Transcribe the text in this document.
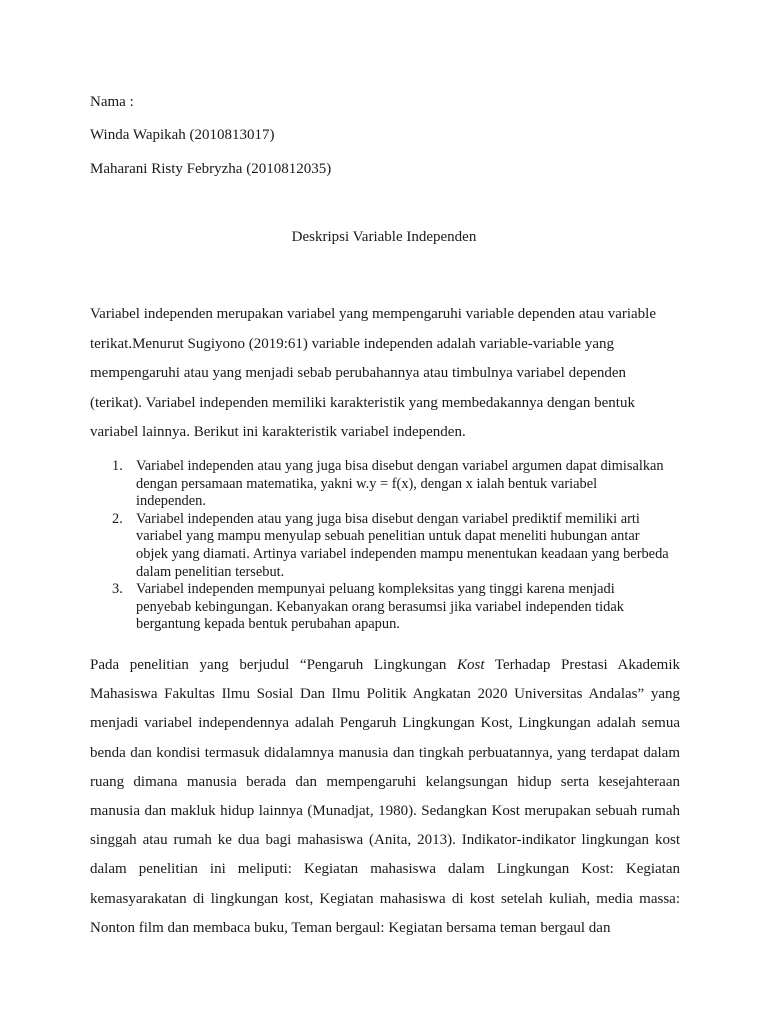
Nama :

Winda Wapikah (2010813017)

Maharani Risty Febryzha (2010812035)

Deskripsi Variable Independen

Variabel independen merupakan variabel yang mempengaruhi variable dependen atau variable terikat.Menurut Sugiyono (2019:61) variable independen adalah variable-variable yang mempengaruhi atau yang menjadi sebab perubahannya atau timbulnya variabel dependen (terikat). Variabel independen memiliki karakteristik yang membedakannya dengan bentuk variabel lainnya. Berikut ini karakteristik variabel independen.

1. Variabel independen atau yang juga bisa disebut dengan variabel argumen dapat dimisalkan dengan persamaan matematika, yakni w.y = f(x), dengan x ialah bentuk variabel independen.
2. Variabel independen atau yang juga bisa disebut dengan variabel prediktif memiliki arti variabel yang mampu menyulap sebuah penelitian untuk dapat meneliti hubungan antar objek yang diamati. Artinya variabel independen mampu menentukan keadaan yang berbeda dalam penelitian tersebut.
3. Variabel independen mempunyai peluang kompleksitas yang tinggi karena menjadi penyebab kebingungan. Kebanyakan orang berasumsi jika variabel independen tidak bergantung kepada bentuk perubahan apapun.

Pada penelitian yang berjudul “Pengaruh Lingkungan Kost Terhadap Prestasi Akademik Mahasiswa Fakultas Ilmu Sosial Dan Ilmu Politik Angkatan 2020 Universitas Andalas” yang menjadi variabel independennya adalah Pengaruh Lingkungan Kost, Lingkungan adalah semua benda dan kondisi termasuk didalamnya manusia dan tingkah perbuatannya, yang terdapat dalam ruang dimana manusia berada dan mempengaruhi kelangsungan hidup serta kesejahteraan manusia dan makluk hidup lainnya (Munadjat, 1980). Sedangkan Kost merupakan sebuah rumah singgah atau rumah ke dua bagi mahasiswa (Anita, 2013). Indikator-indikator lingkungan kost dalam penelitian ini meliputi: Kegiatan mahasiswa dalam Lingkungan Kost: Kegiatan kemasyarakatan di lingkungan kost, Kegiatan mahasiswa di kost setelah kuliah, media massa: Nonton film dan membaca buku, Teman bergaul: Kegiatan bersama teman bergaul dan
